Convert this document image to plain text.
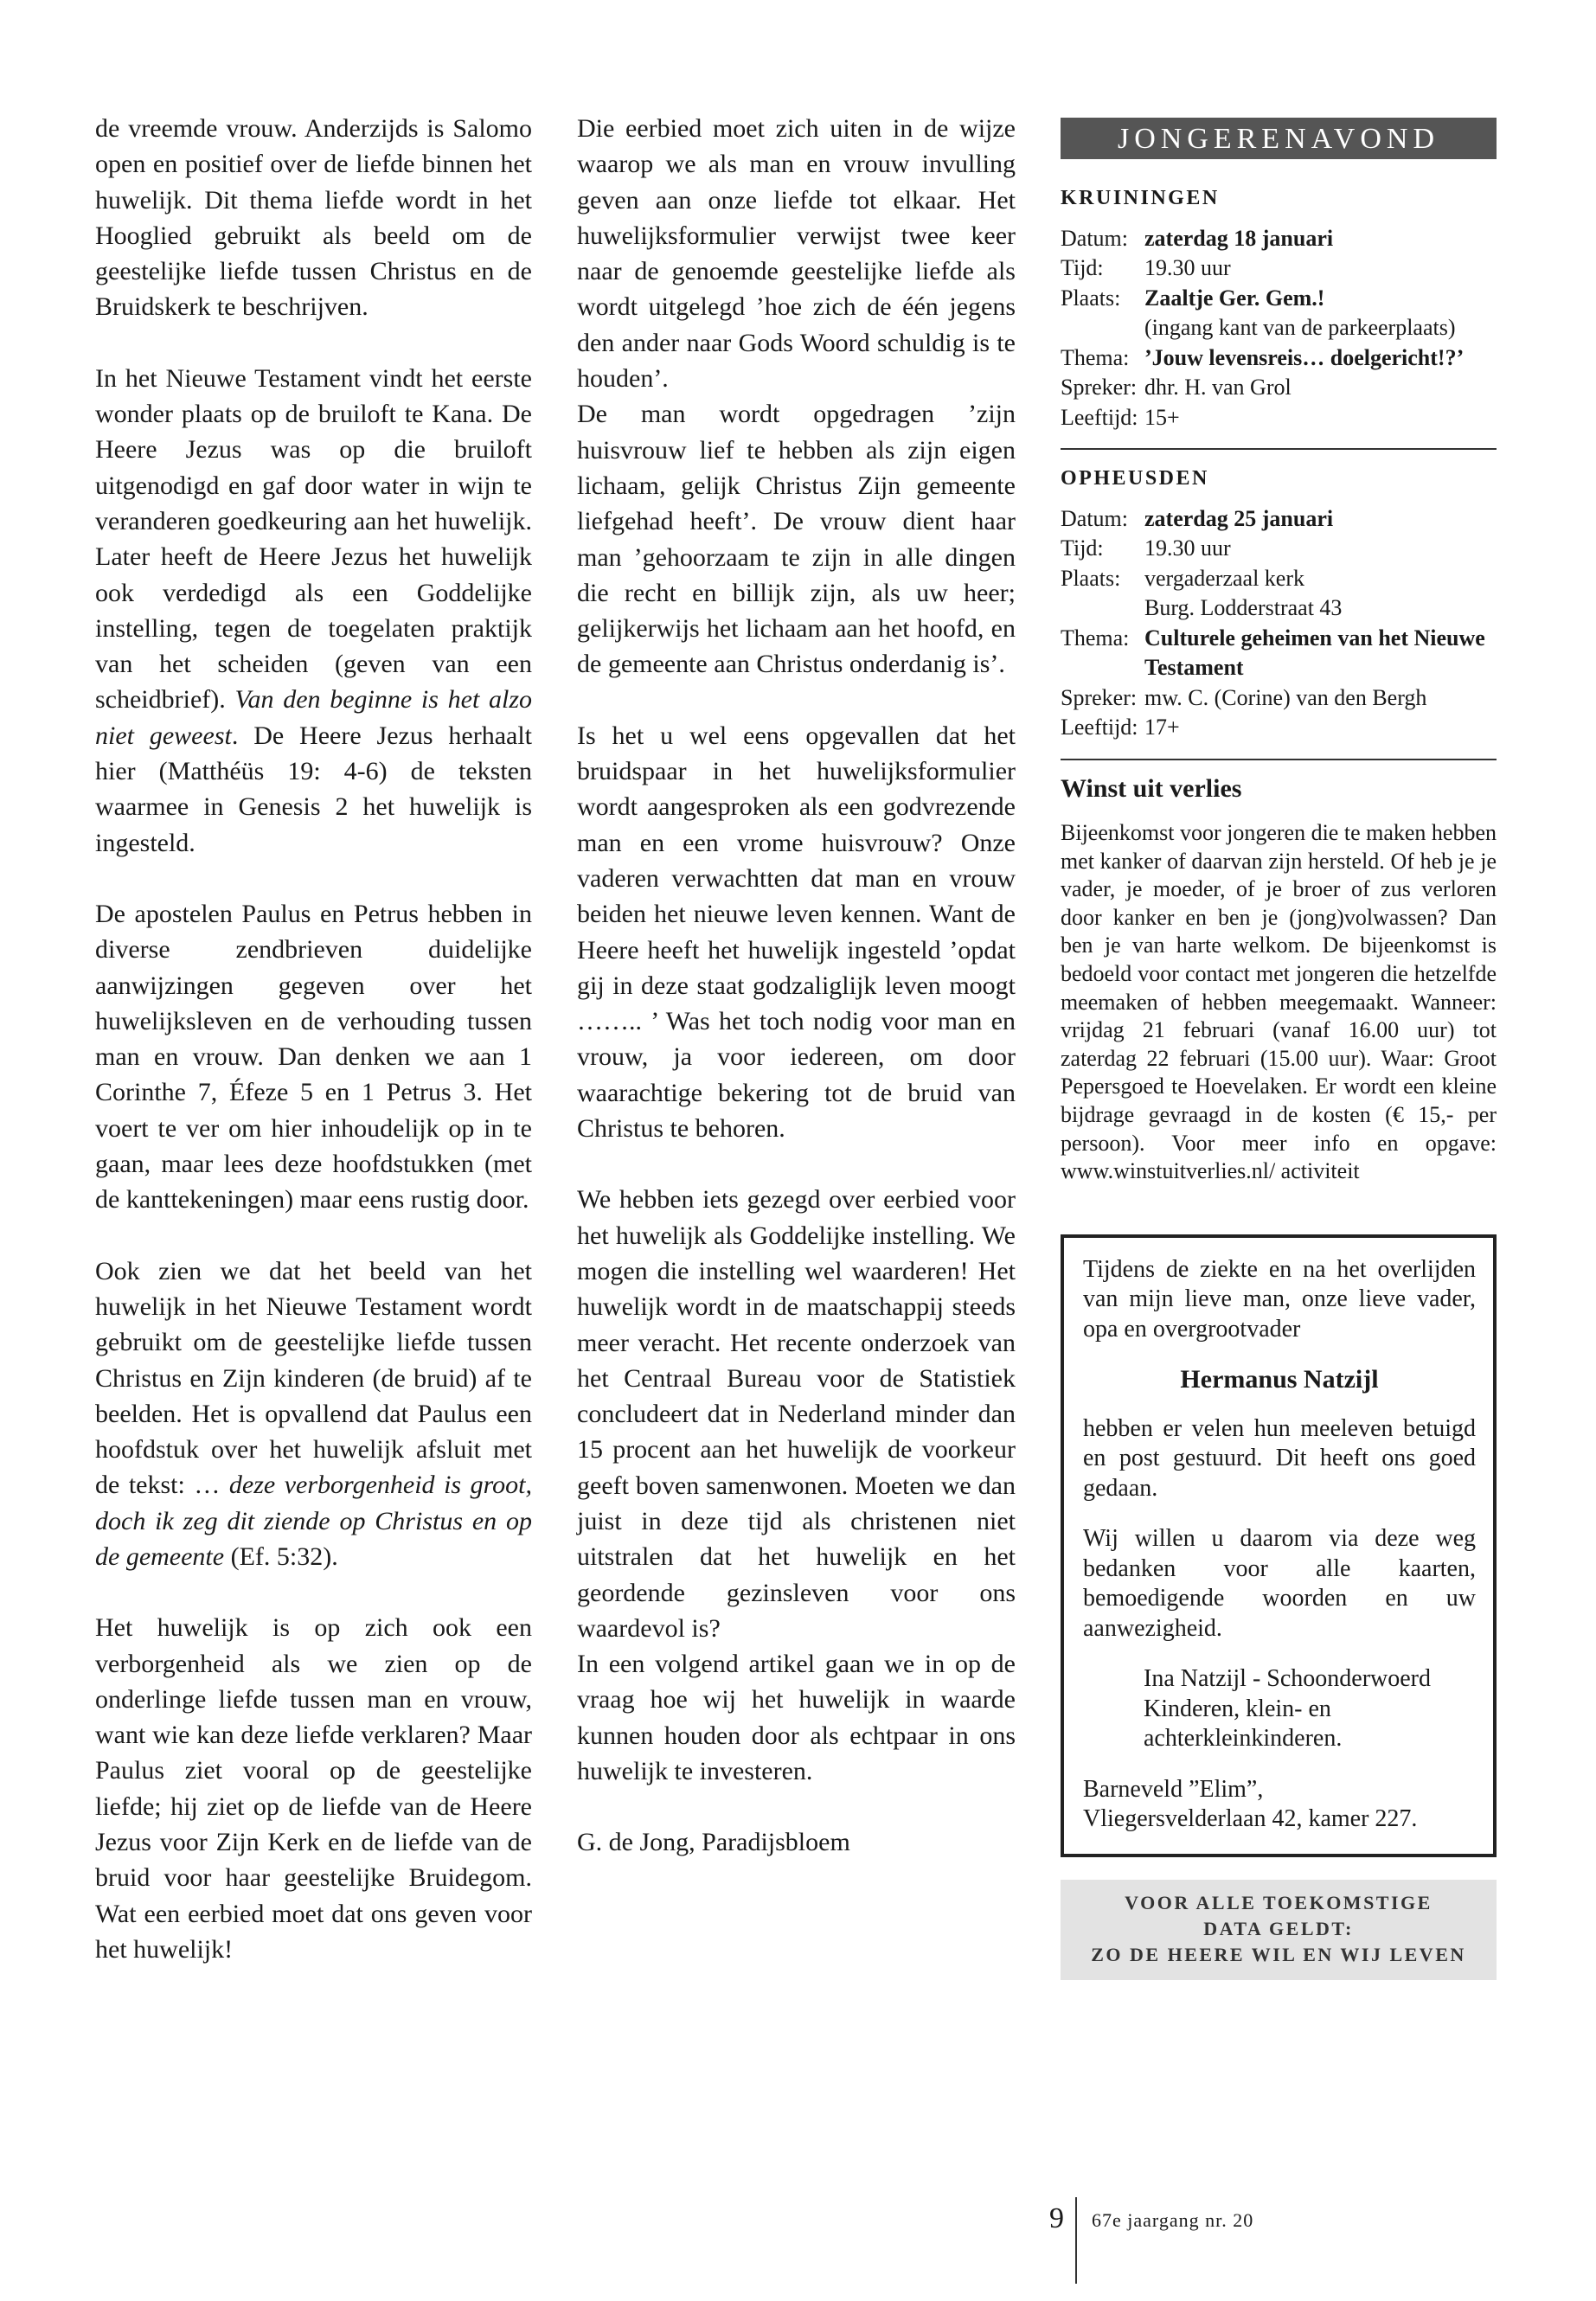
de vreemde vrouw. Anderzijds is Salomo open en positief over de liefde binnen het huwelijk. Dit thema liefde wordt in het Hooglied gebruikt als beeld om de geestelijke liefde tussen Christus en de Bruidskerk te beschrijven.

In het Nieuwe Testament vindt het eerste wonder plaats op de bruiloft te Kana. De Heere Jezus was op die bruiloft uitgenodigd en gaf door water in wijn te veranderen goedkeuring aan het huwelijk. Later heeft de Heere Jezus het huwelijk ook verdedigd als een Goddelijke instelling, tegen de toegelaten praktijk van het scheiden (geven van een scheidbrief). Van den beginne is het alzo niet geweest. De Heere Jezus herhaalt hier (Matthéüs 19: 4-6) de teksten waarmee in Genesis 2 het huwelijk is ingesteld.

De apostelen Paulus en Petrus hebben in diverse zendbrieven duidelijke aanwijzingen gegeven over het huwelijksleven en de verhouding tussen man en vrouw. Dan denken we aan 1 Corinthe 7, Éfeze 5 en 1 Petrus 3. Het voert te ver om hier inhoudelijk op in te gaan, maar lees deze hoofdstukken (met de kanttekeningen) maar eens rustig door.

Ook zien we dat het beeld van het huwelijk in het Nieuwe Testament wordt gebruikt om de geestelijke liefde tussen Christus en Zijn kinderen (de bruid) af te beelden. Het is opvallend dat Paulus een hoofdstuk over het huwelijk afsluit met de tekst: … deze verborgenheid is groot, doch ik zeg dit ziende op Christus en op de gemeente (Ef. 5:32).

Het huwelijk is op zich ook een verborgenheid als we zien op de onderlinge liefde tussen man en vrouw, want wie kan deze liefde verklaren? Maar Paulus ziet vooral op de geestelijke liefde; hij ziet op de liefde van de Heere Jezus voor Zijn Kerk en de liefde van de bruid voor haar geestelijke Bruidegom. Wat een eerbied moet dat ons geven voor het huwelijk!

Die eerbied moet zich uiten in de wijze waarop we als man en vrouw invulling geven aan onze liefde tot elkaar. Het huwelijksformulier verwijst twee keer naar de genoemde geestelijke liefde als wordt uitgelegd ’hoe zich de één jegens den ander naar Gods Woord schuldig is te houden’.

De man wordt opgedragen ’zijn huisvrouw lief te hebben als zijn eigen lichaam, gelijk Christus Zijn gemeente liefgehad heeft’. De vrouw dient haar man ’gehoorzaam te zijn in alle dingen die recht en billijk zijn, als uw heer; gelijkerwijs het lichaam aan het hoofd, en de gemeente aan Christus onderdanig is’.

Is het u wel eens opgevallen dat het bruidspaar in het huwelijksformulier wordt aangesproken als een godvrezende man en een vrome huisvrouw? Onze vaderen verwachtten dat man en vrouw beiden het nieuwe leven kennen. Want de Heere heeft het huwelijk ingesteld ’opdat gij in deze staat godzaliglijk leven moogt …….. ’ Was het toch nodig voor man en vrouw, ja voor iedereen, om door waarachtige bekering tot de bruid van Christus te behoren.

We hebben iets gezegd over eerbied voor het huwelijk als Goddelijke instelling. We mogen die instelling wel waarderen! Het huwelijk wordt in de maatschappij steeds meer veracht. Het recente onderzoek van het Centraal Bureau voor de Statistiek concludeert dat in Nederland minder dan 15 procent aan het huwelijk de voorkeur geeft boven samenwonen. Moeten we dan juist in deze tijd als christenen niet uitstralen dat het huwelijk en het geordende gezinsleven voor ons waardevol is?

In een volgend artikel gaan we in op de vraag hoe wij het huwelijk in waarde kunnen houden door als echtpaar in ons huwelijk te investeren.

G. de Jong, Paradijsbloem

JONGERENAVOND
KRUININGEN
Datum: zaterdag 18 januari
Tijd:	19.30 uur
Plaats:	Zaaltje Ger. Gem.!
(ingang kant van de parkeerplaats)
Thema: ’Jouw levensreis… doelgericht!?’
Spreker: dhr. H. van Grol
Leeftijd: 15+
OPHEUSDEN
Datum: zaterdag 25 januari
Tijd:	19.30 uur
Plaats:	vergaderzaal kerk
Burg. Lodderstraat 43
Thema: Culturele geheimen van het Nieuwe Testament
Spreker: mw. C. (Corine) van den Bergh
Leeftijd: 17+
Winst uit verlies
Bijeenkomst voor jongeren die te maken hebben met kanker of daarvan zijn hersteld. Of heb je je vader, je moeder, of je broer of zus verloren door kanker en ben je (jong)volwassen? Dan ben je van harte welkom. De bijeenkomst is bedoeld voor contact met jongeren die hetzelfde meemaken of hebben meegemaakt. Wanneer: vrijdag 21 februari (vanaf 16.00 uur) tot zaterdag 22 februari (15.00 uur). Waar: Groot Pepersgoed te Hoevelaken. Er wordt een kleine bijdrage gevraagd in de kosten (€ 15,- per persoon). Voor meer info en opgave: www.winstuitverlies.nl/ activiteit

Tijdens de ziekte en na het overlijden van mijn lieve man, onze lieve vader, opa en overgrootvader

Hermanus Natzijl

hebben er velen hun meeleven betuigd en post gestuurd. Dit heeft ons goed gedaan.

Wij willen u daarom via deze weg bedanken voor alle kaarten, bemoedigende woorden en uw aanwezigheid.

Ina Natzijl - Schoonderwoerd
Kinderen, klein- en
achterkleinkinderen.

Barneveld ”Elim”,
Vliegersvelderlaan 42, kamer 227.

VOOR ALLE TOEKOMSTIGE
DATA GELDT:
ZO DE HEERE WIL EN WIJ LEVEN
9 67e jaargang nr. 20
